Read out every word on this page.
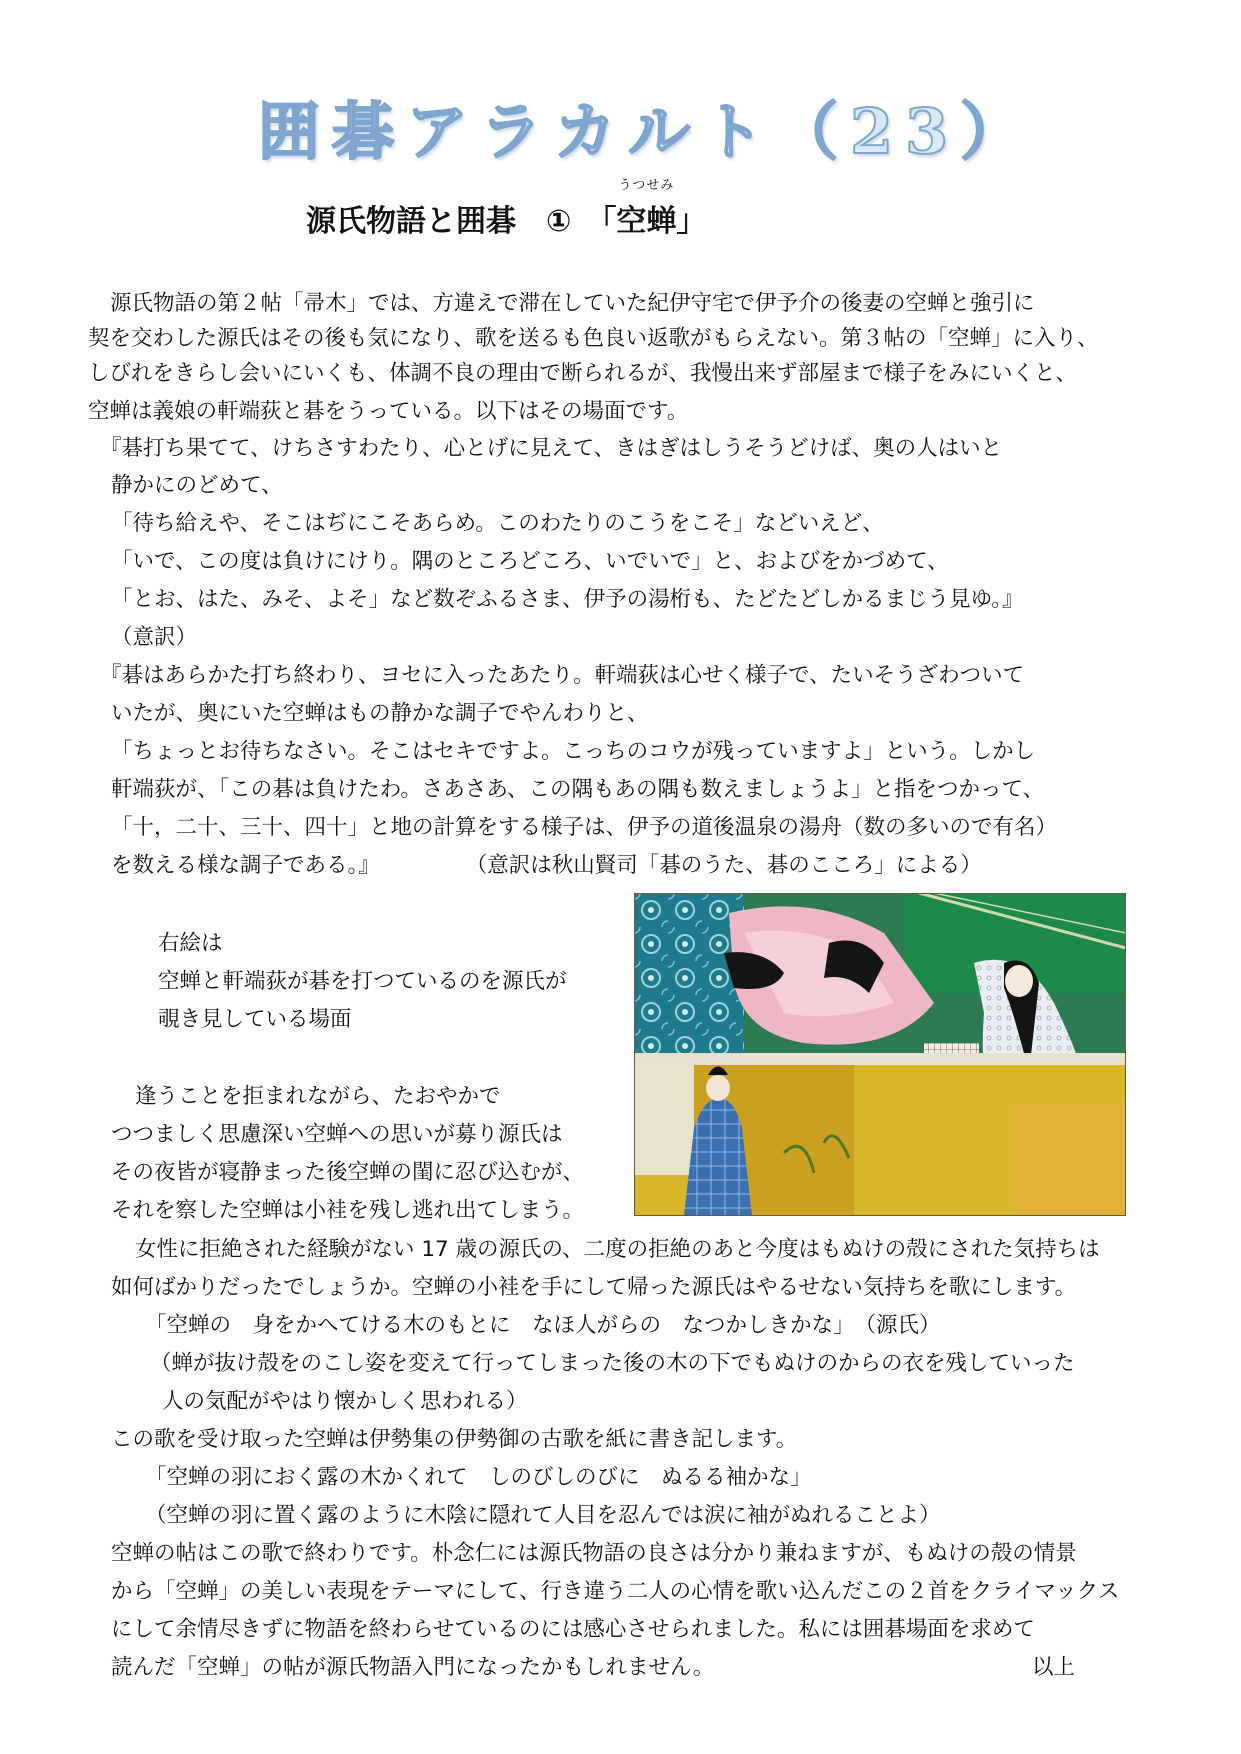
囲碁アラカルト（23）
源氏物語と囲碁　①　「
うつせみ
空蝉」
源氏物語の第２帖「帚木」では、方違えで滞在していた紀伊守宅で伊予介の後妻の空蝉と強引に
契を交わした源氏はその後も気になり、歌を送るも色良い返歌がもらえない。第３帖の「空蝉」に入り、
しびれをきらし会いにいくも、体調不良の理由で断られるが、我慢出来ず部屋まで様子をみにいくと、
空蝉は義娘の軒端荻と碁をうっている。以下はその場面です。
『碁打ち果てて、けちさすわたり、心とげに見えて、きはぎはしうそうどけば、奥の人はいと
静かにのどめて、
「待ち給えや、そこはぢにこそあらめ。このわたりのこうをこそ」などいえど、
「いで、この度は負けにけり。隅のところどころ、いでいで」と、およびをかづめて、
「とお、はた、みそ、よそ」など数ぞふるさま、伊予の湯桁も、たどたどしかるまじう見ゆ。』
（意訳）
『碁はあらかた打ち終わり、ヨセに入ったあたり。軒端荻は心せく様子で、たいそうざわついて
いたが、奥にいた空蝉はもの静かな調子でやんわりと、
「ちょっとお待ちなさい。そこはセキですよ。こっちのコウが残っていますよ」という。しかし
軒端荻が、「この碁は負けたわ。さあさあ、この隅もあの隅も数えましょうよ」と指をつかって、
「十，二十、三十、四十」と地の計算をする様子は、伊予の道後温泉の湯舟（数の多いので有名）
を数える様な調子である。』　　　　　（意訳は秋山賢司「碁のうた、碁のこころ」による）
右絵は
空蝉と軒端荻が碁を打つているのを源氏が
覗き見している場面
逢うことを拒まれながら、たおやかで
つつましく思慮深い空蝉への思いが募り源氏は
その夜皆が寝静まった後空蝉の閨に忍び込むが、
それを察した空蝉は小袿を残し逃れ出てしまう。
女性に拒絶された経験がない 17 歳の源氏の、二度の拒絶のあと今度はもぬけの殻にされた気持ちは
如何ばかりだったでしょうか。空蝉の小袿を手にして帰った源氏はやるせない気持ちを歌にします。
「空蝉の　身をかへてける木のもとに　なほ人がらの　なつかしきかな」　（源氏）
（蝉が抜け殻をのこし姿を変えて行ってしまった後の木の下でもぬけのからの衣を残していった
人の気配がやはり懐かしく思われる）
この歌を受け取った空蝉は伊勢集の伊勢御の古歌を紙に書き記します。
「空蝉の羽におく露の木かくれて　しのびしのびに　ぬるる袖かな」
（空蝉の羽に置く露のように木陰に隠れて人目を忍んでは涙に袖がぬれることよ）
空蝉の帖はこの歌で終わりです。朴念仁には源氏物語の良さは分かり兼ねますが、もぬけの殻の情景
から「空蝉」の美しい表現をテーマにして、行き違う二人の心情を歌い込んだこの２首をクライマックス
にして余情尽きずに物語を終わらせているのには感心させられました。私には囲碁場面を求めて
読んだ「空蝉」の帖が源氏物語入門になったかもしれません。	以上
